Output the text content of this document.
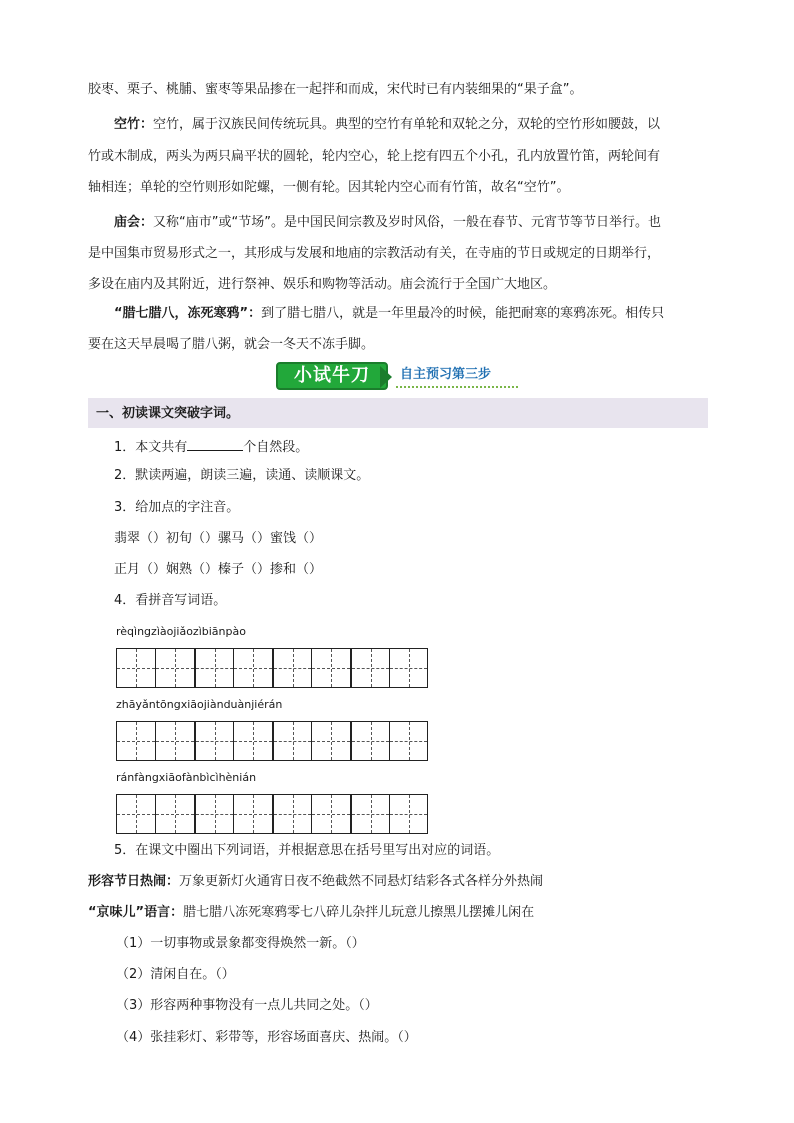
胶枣、栗子、桃脯、蜜枣等果品掺在一起拌和而成，宋代时已有内装细果的“果子盒”。
空竹：空竹，属于汉族民间传统玩具。典型的空竹有单轮和双轮之分，双轮的空竹形如腰鼓，以
竹或木制成，两头为两只扁平状的圆轮，轮内空心，轮上挖有四五个小孔，孔内放置竹笛，两轮间有
轴相连；单轮的空竹则形如陀螺，一侧有轮。因其轮内空心而有竹笛，故名“空竹”。
庙会：又称“庙市”或“节场”。是中国民间宗教及岁时风俗，一般在春节、元宵节等节日举行。也
是中国集市贸易形式之一，其形成与发展和地庙的宗教活动有关，在寺庙的节日或规定的日期举行，
多设在庙内及其附近，进行祭神、娱乐和购物等活动。庙会流行于全国广大地区。
“腊七腊八，冻死寒鸦”：到了腊七腊八，就是一年里最冷的时候，能把耐寒的寒鸦冻死。相传只
要在这天早晨喝了腊八粥，就会一冬天不冻手脚。
小试牛刀	自主预习第三步
一、初读课文突破字词。
1．本文共有	个自然段。
2．默读两遍，朗读三遍，读通、读顺课文。
3．给加点的字注音。
翡翠（）初旬（）骡马（）蜜饯（）
正月（）娴熟（）榛子（）掺和（）
4．看拼音写词语。
rèqìngzìàojiǎozìbiānpào
zhāyǎntōngxiāojiànduànjiérán
ránfàngxiāofànbìcìhènián
5．在课文中圈出下列词语，并根据意思在括号里写出对应的词语。
形容节日热闹：万象更新灯火通宵日夜不绝截然不同悬灯结彩各式各样分外热闹
“京味儿”语言：腊七腊八冻死寒鸦零七八碎儿杂拌儿玩意儿擦黑儿摆摊儿闲在
（1）一切事物或景象都变得焕然一新。（）
（2）清闲自在。（）
（3）形容两种事物没有一点儿共同之处。（）
（4）张挂彩灯、彩带等，形容场面喜庆、热闹。（）
